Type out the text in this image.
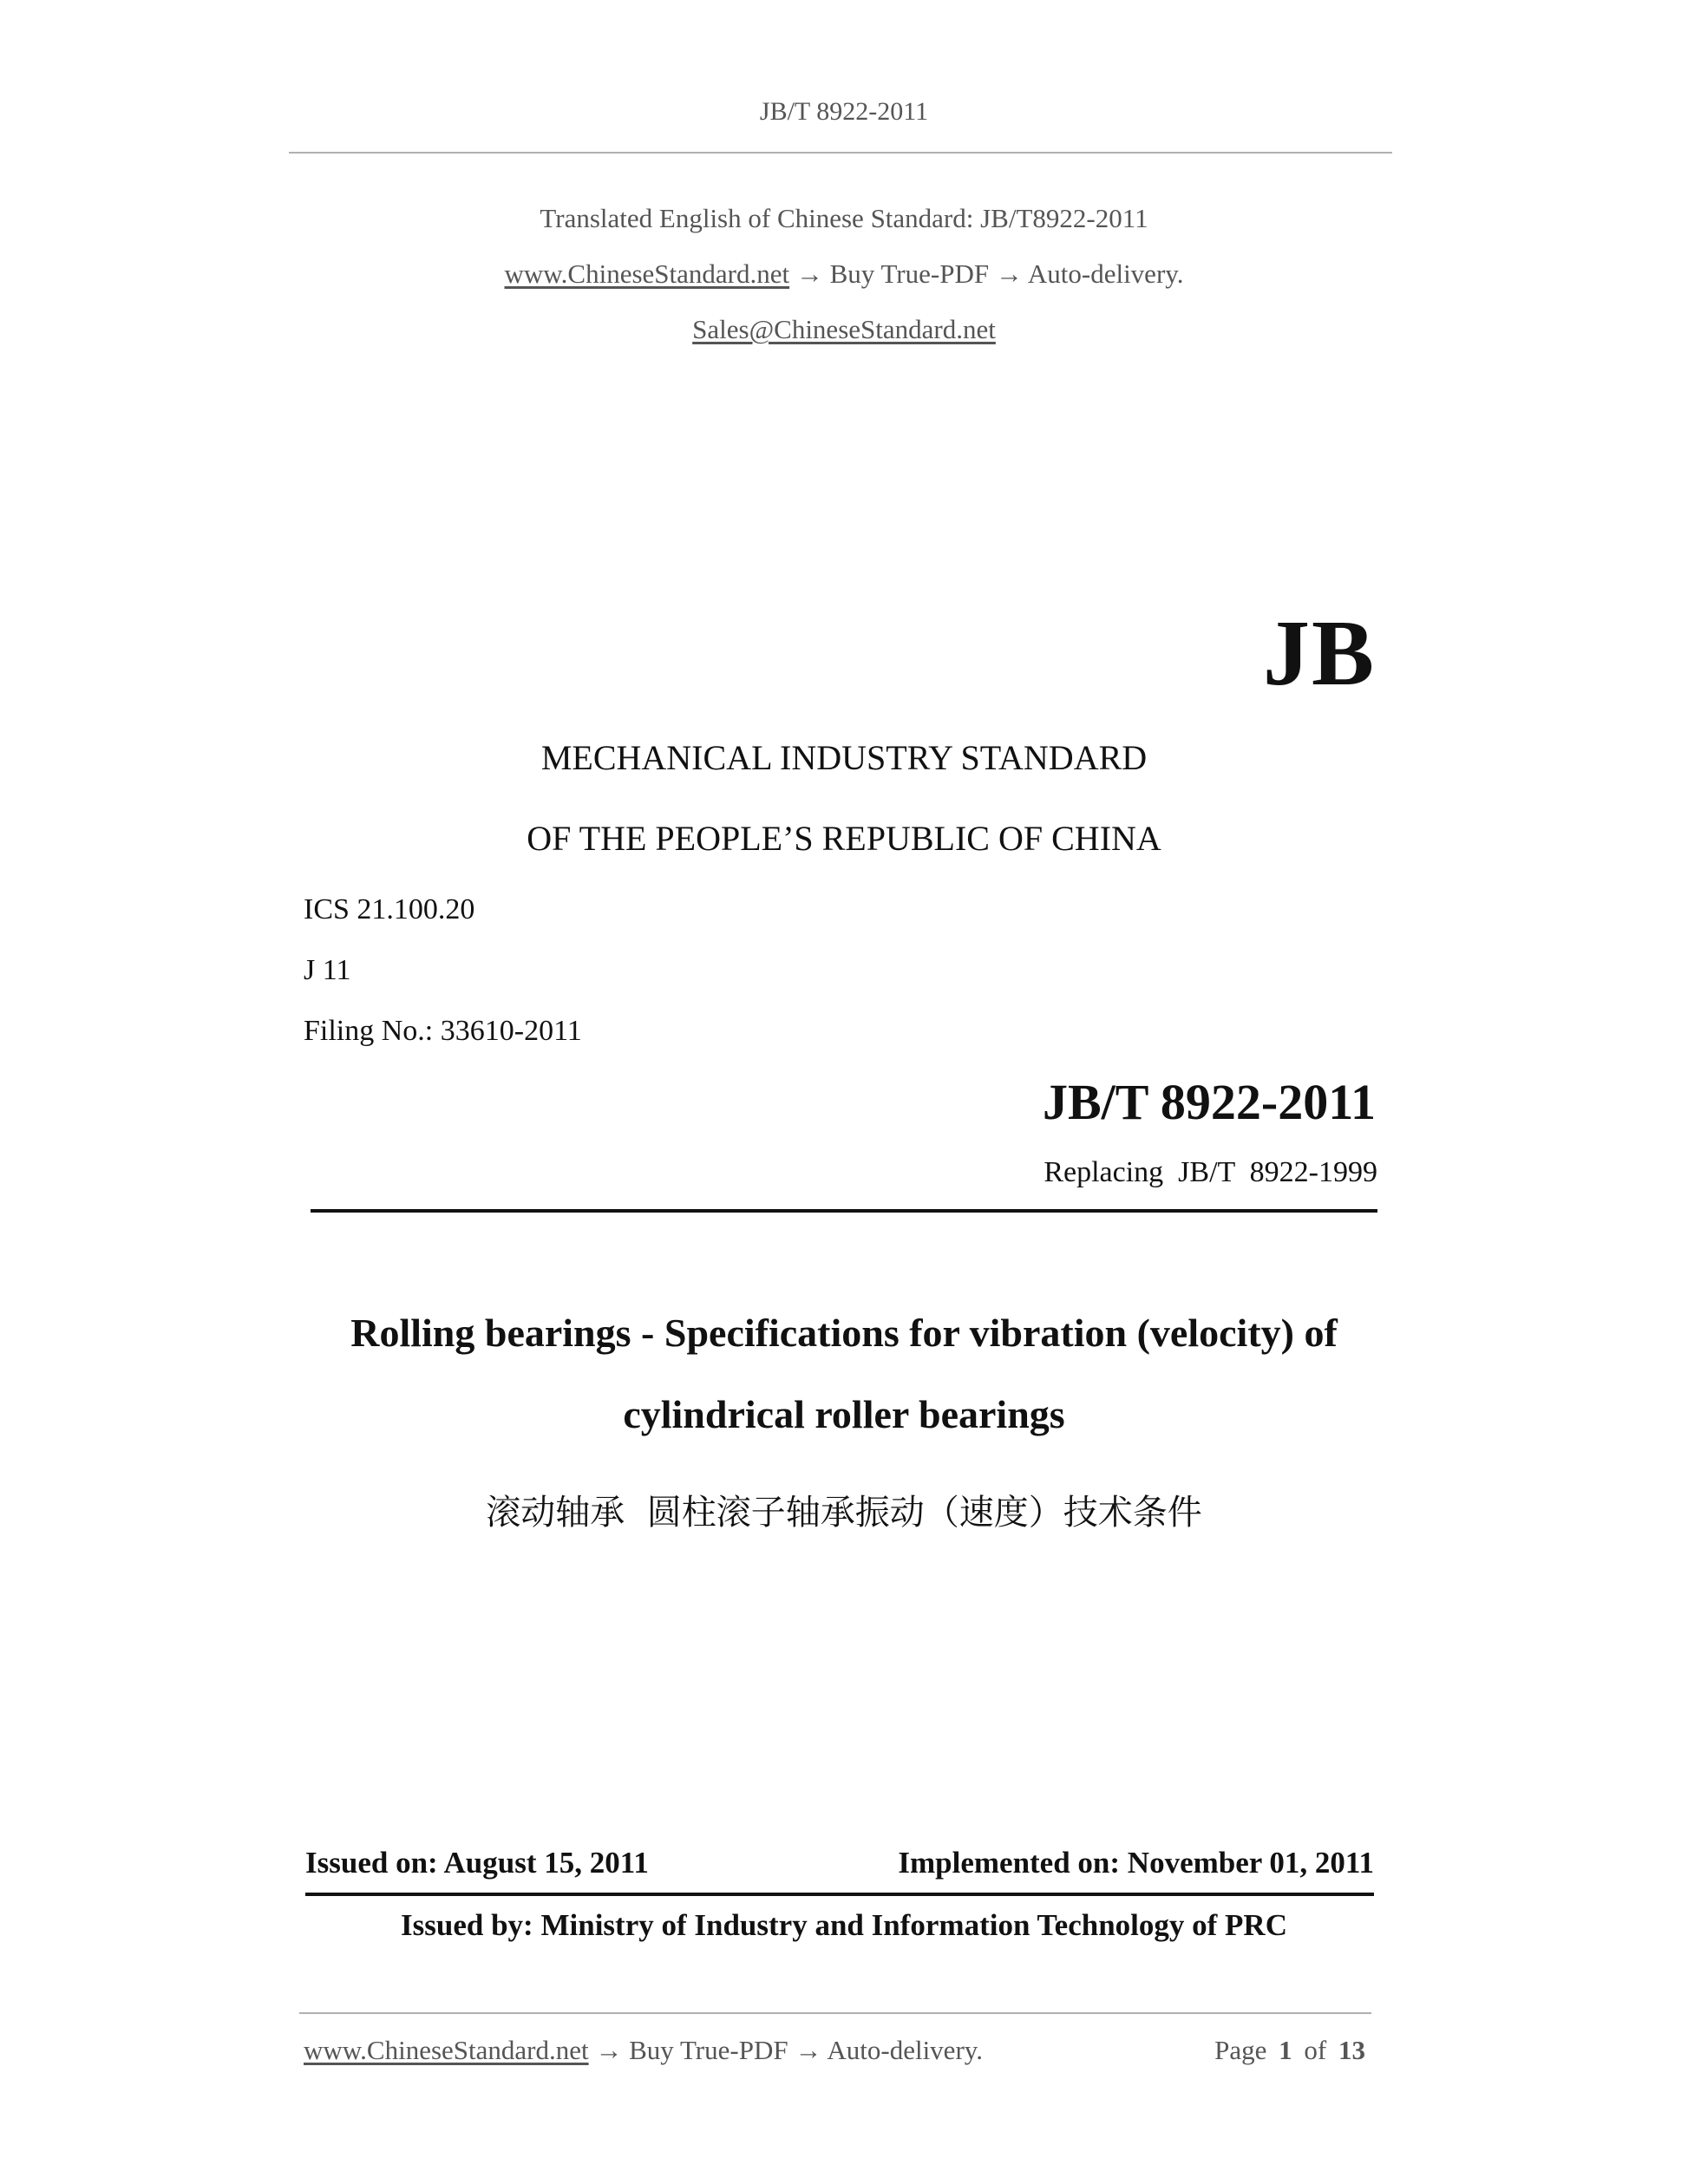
JB/T 8922-2011
Translated English of Chinese Standard: JB/T8922-2011
www.ChineseStandard.net → Buy True-PDF → Auto-delivery.
Sales@ChineseStandard.net
JB
MECHANICAL INDUSTRY STANDARD
OF THE PEOPLE’S REPUBLIC OF CHINA
ICS 21.100.20
J 11
Filing No.: 33610-2011
JB/T 8922-2011
Replacing  JB/T  8922-1999
Rolling bearings - Specifications for vibration (velocity) of
cylindrical roller bearings
滚动轴承  圆柱滚子轴承振动（速度）技术条件
Issued on: August 15, 2011	Implemented on: November 01, 2011
Issued by: Ministry of Industry and Information Technology of PRC
www.ChineseStandard.net → Buy True-PDF → Auto-delivery.	Page 1 of 13
